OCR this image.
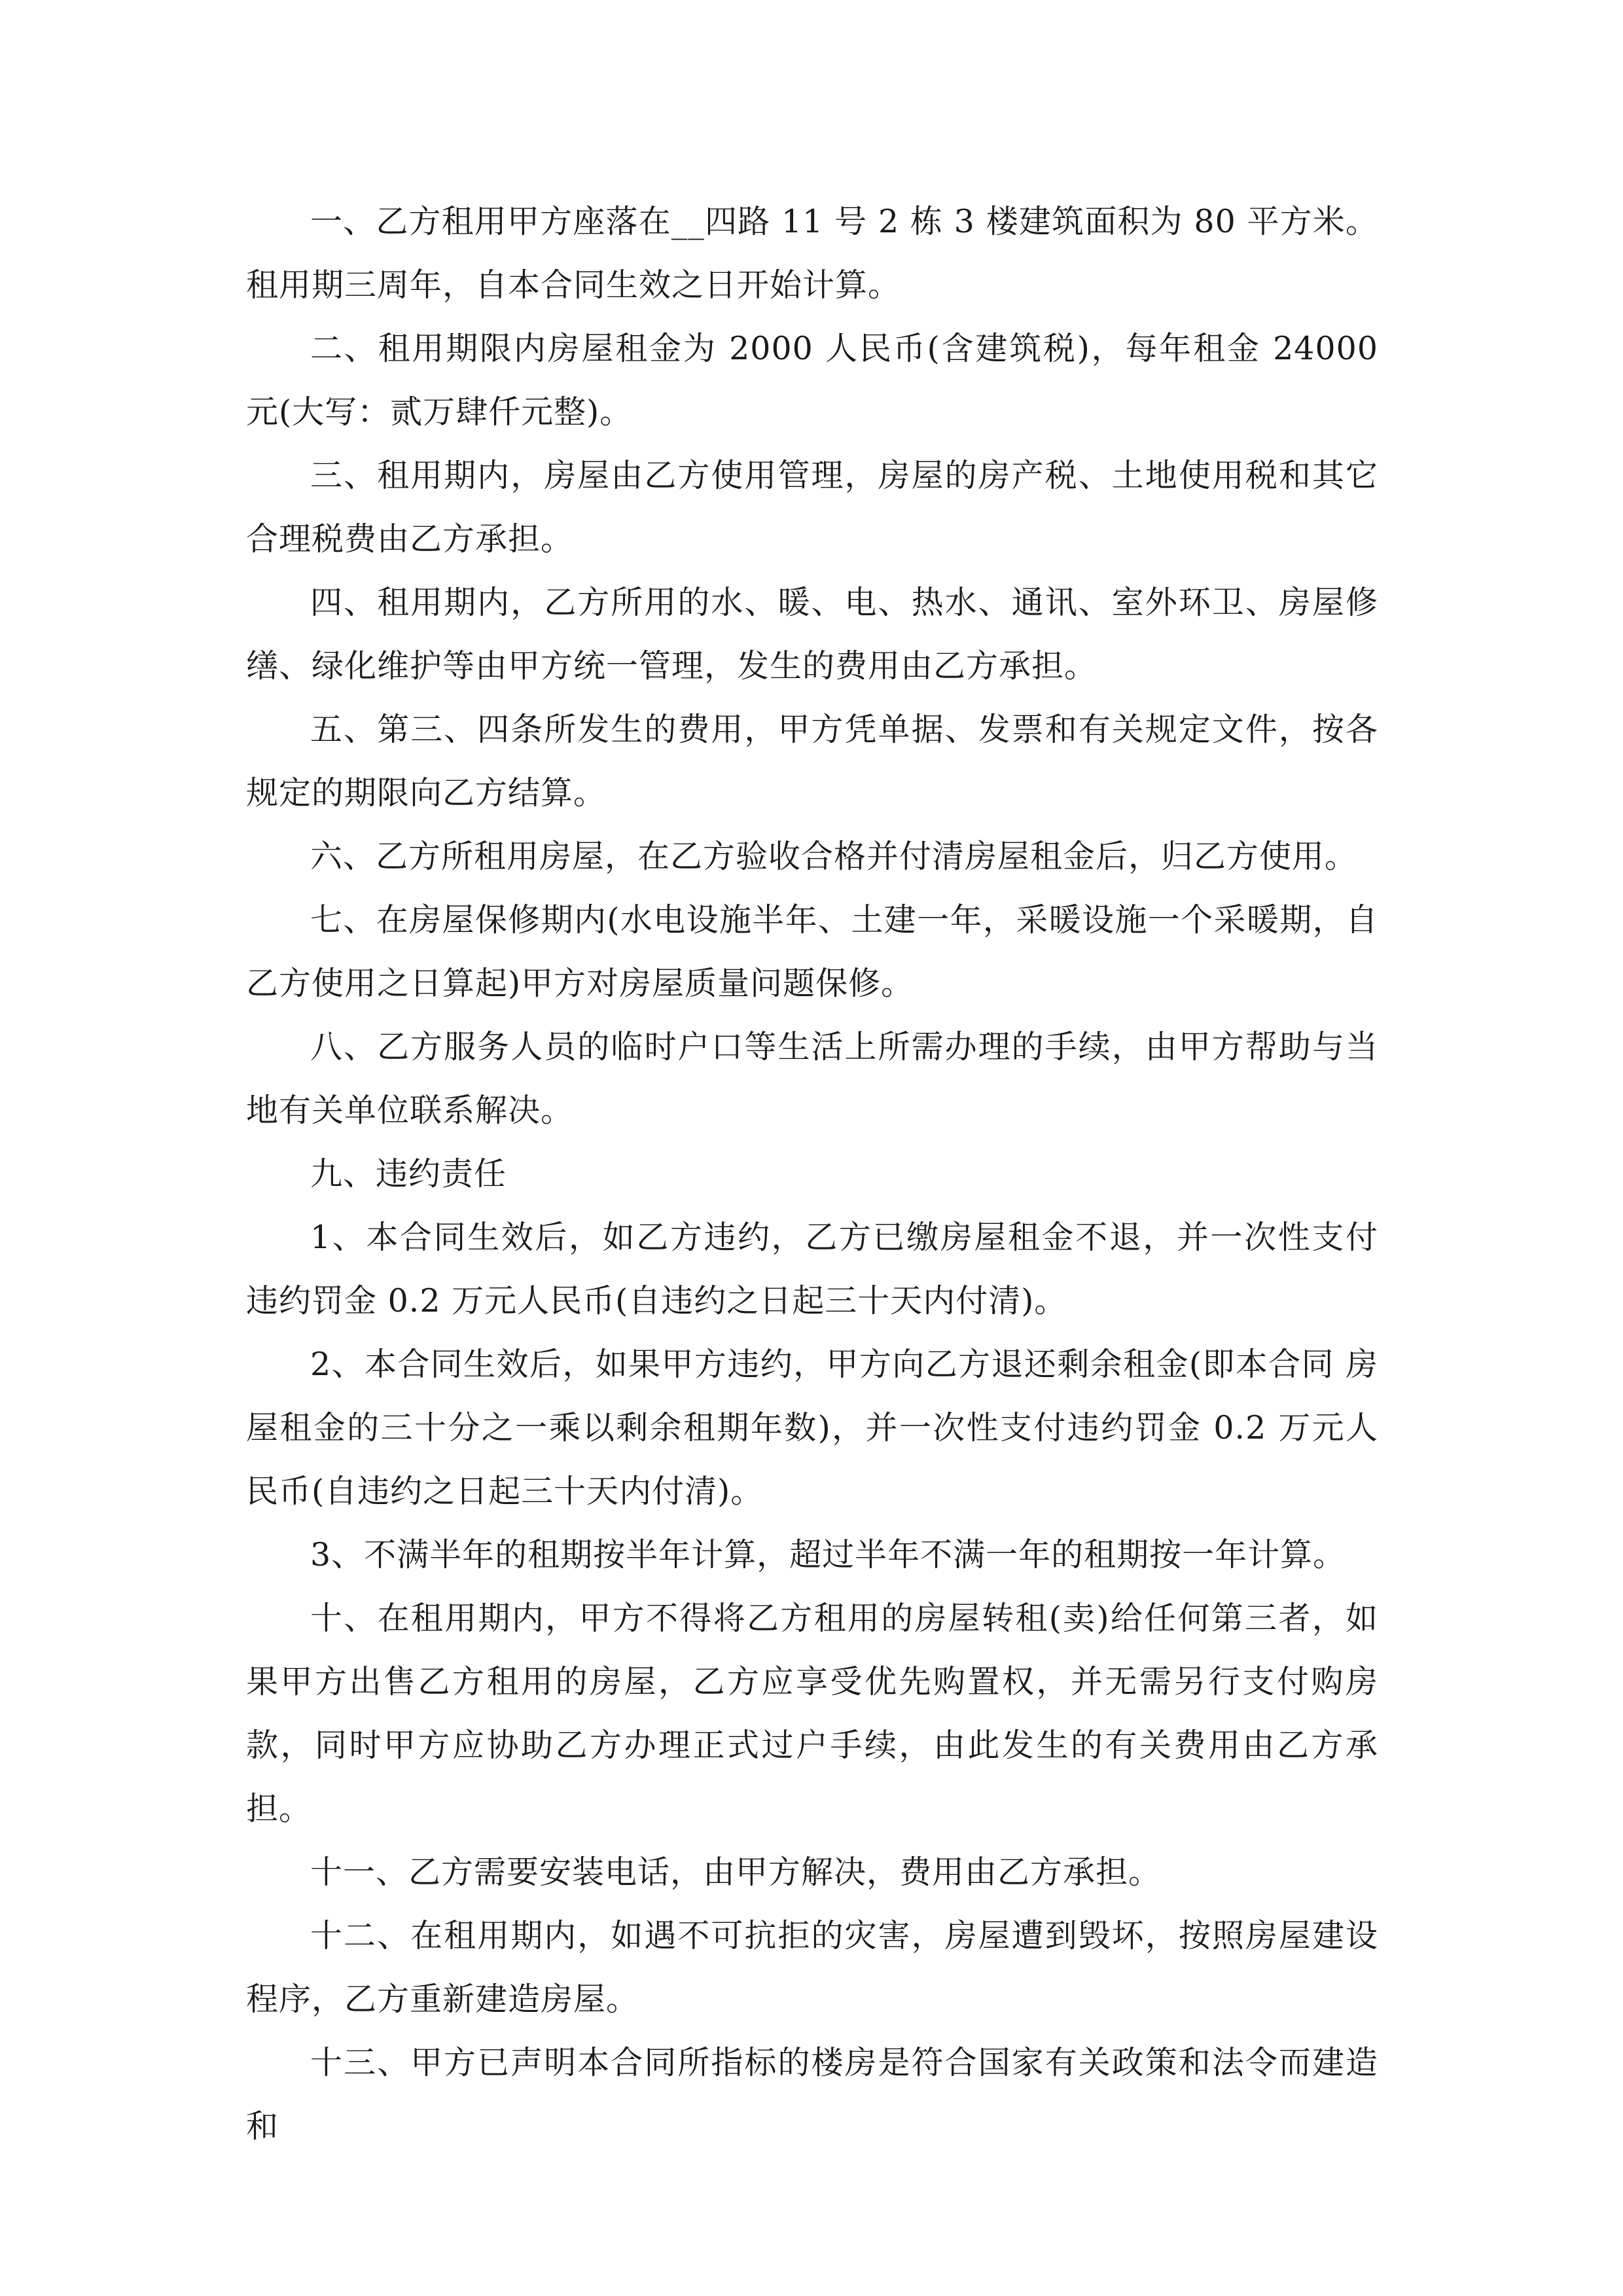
一、乙方租用甲方座落在__四路 11 号 2 栋 3 楼建筑面积为 80 平方米。租用期三周年，自本合同生效之日开始计算。

二、租用期限内房屋租金为 2000 人民币(含建筑税)，每年租金 24000 元(大写：贰万肆仟元整)。

三、租用期内，房屋由乙方使用管理，房屋的房产税、土地使用税和其它合理税费由乙方承担。

四、租用期内，乙方所用的水、暖、电、热水、通讯、室外环卫、房屋修缮、绿化维护等由甲方统一管理，发生的费用由乙方承担。

五、第三、四条所发生的费用，甲方凭单据、发票和有关规定文件，按各规定的期限向乙方结算。

六、乙方所租用房屋，在乙方验收合格并付清房屋租金后，归乙方使用。

七、在房屋保修期内(水电设施半年、土建一年，采暖设施一个采暖期，自乙方使用之日算起)甲方对房屋质量问题保修。

八、乙方服务人员的临时户口等生活上所需办理的手续，由甲方帮助与当地有关单位联系解决。

九、违约责任

1、本合同生效后，如乙方违约，乙方已缴房屋租金不退，并一次性支付违约罚金 0.2 万元人民币(自违约之日起三十天内付清)。

2、本合同生效后，如果甲方违约，甲方向乙方退还剩余租金(即本合同 房屋租金的三十分之一乘以剩余租期年数)，并一次性支付违约罚金 0.2 万元人民币(自违约之日起三十天内付清)。

3、不满半年的租期按半年计算，超过半年不满一年的租期按一年计算。

十、在租用期内，甲方不得将乙方租用的房屋转租(卖)给任何第三者，如果甲方出售乙方租用的房屋，乙方应享受优先购置权，并无需另行支付购房款，同时甲方应协助乙方办理正式过户手续，由此发生的有关费用由乙方承担。

十一、乙方需要安装电话，由甲方解决，费用由乙方承担。

十二、在租用期内，如遇不可抗拒的灾害，房屋遭到毁坏，按照房屋建设程序，乙方重新建造房屋。

十三、甲方已声明本合同所指标的楼房是符合国家有关政策和法令而建造和
